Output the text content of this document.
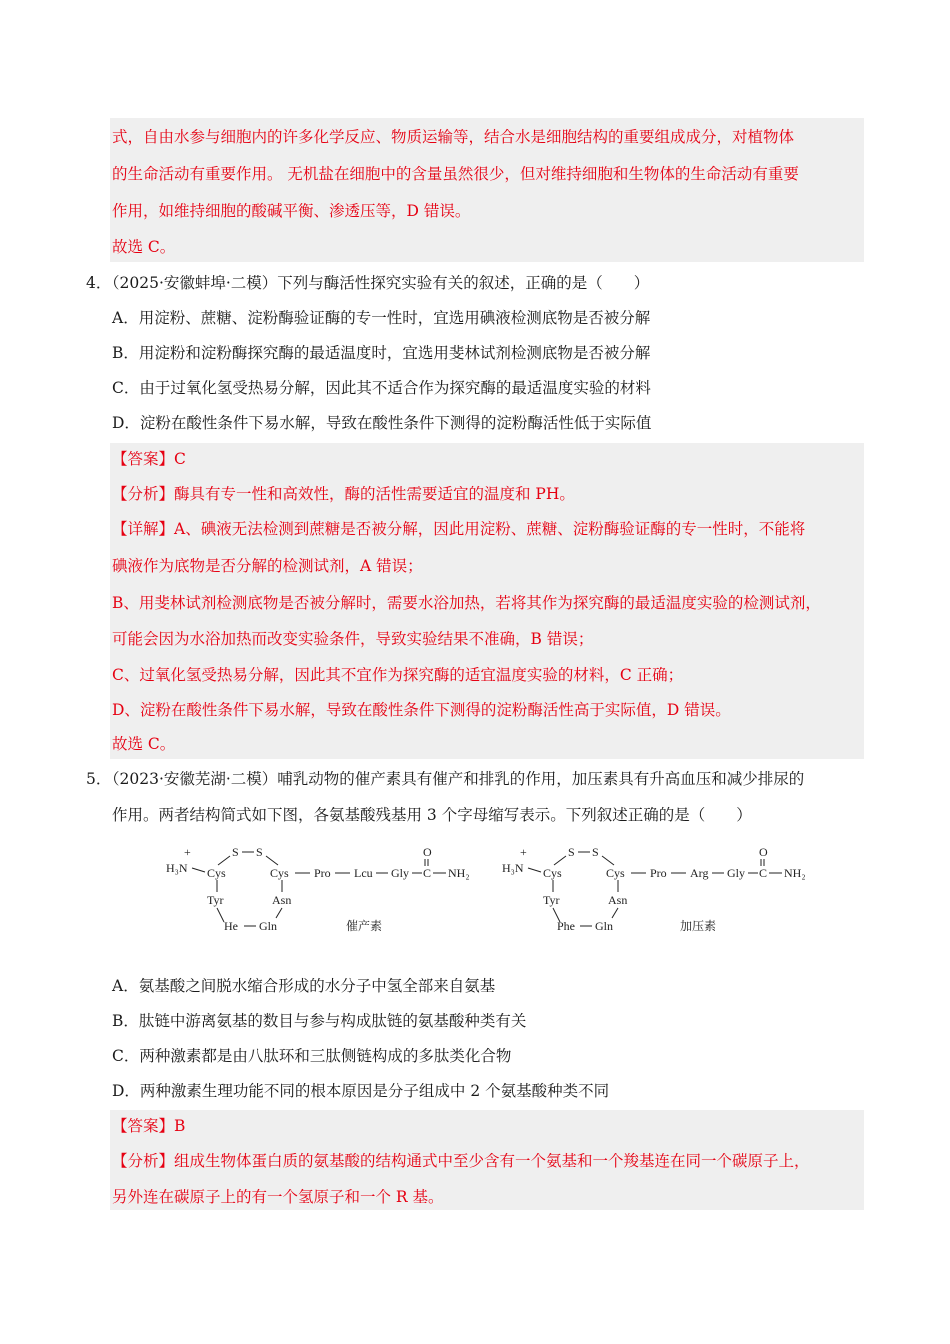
式，自由水参与细胞内的许多化学反应、物质运输等，结合水是细胞结构的重要组成成分，对植物体
的生命活动有重要作用。 无机盐在细胞中的含量虽然很少，但对维持细胞和生物体的生命活动有重要
作用，如维持细胞的酸碱平衡、渗透压等，D 错误。
故选 C。
4．
（2025·安徽蚌埠·二模）下列与酶活性探究实验有关的叙述，正确的是（　　）
A．用淀粉、蔗糖、淀粉酶验证酶的专一性时，宜选用碘液检测底物是否被分解
B．用淀粉和淀粉酶探究酶的最适温度时，宜选用斐林试剂检测底物是否被分解
C．由于过氧化氢受热易分解，因此其不适合作为探究酶的最适温度实验的材料
D．淀粉在酸性条件下易水解，导致在酸性条件下测得的淀粉酶活性低于实际值
【答案】C
【分析】酶具有专一性和高效性，酶的活性需要适宜的温度和 PH。
【详解】A、碘液无法检测到蔗糖是否被分解，因此用淀粉、蔗糖、淀粉酶验证酶的专一性时，不能将
碘液作为底物是否分解的检测试剂，A 错误；
B、用斐林试剂检测底物是否被分解时，需要水浴加热，若将其作为探究酶的最适温度实验的检测试剂，
可能会因为水浴加热而改变实验条件，导致实验结果不准确，B 错误；
C、过氧化氢受热易分解，因此其不宜作为探究酶的适宜温度实验的材料，C 正确；
D、淀粉在酸性条件下易水解，导致在酸性条件下测得的淀粉酶活性高于实际值，D 错误。
故选 C。
5．
（2023·安徽芜湖·二模）哺乳动物的催产素具有催产和排乳的作用，加压素具有升高血压和减少排尿的
作用。两者结构简式如下图，各氨基酸残基用 3 个字母缩写表示。下列叙述正确的是（　　）
+
H₃N Cys
S S
Cys Pro Lcu Gly
O
C NH₂
Tyr
He Gln
Asn
催产素
+
H₃N Cys
S S
Cys Pro Arg Gly
O
C NH₂
Tyr
Phe Gln
Asn
加压素
A．氨基酸之间脱水缩合形成的水分子中氢全部来自氨基
B．肽链中游离氨基的数目与参与构成肽链的氨基酸种类有关
C．两种激素都是由八肽环和三肽侧链构成的多肽类化合物
D．两种激素生理功能不同的根本原因是分子组成中 2 个氨基酸种类不同
【答案】B
【分析】组成生物体蛋白质的氨基酸的结构通式中至少含有一个氨基和一个羧基连在同一个碳原子上，
另外连在碳原子上的有一个氢原子和一个 R 基。
